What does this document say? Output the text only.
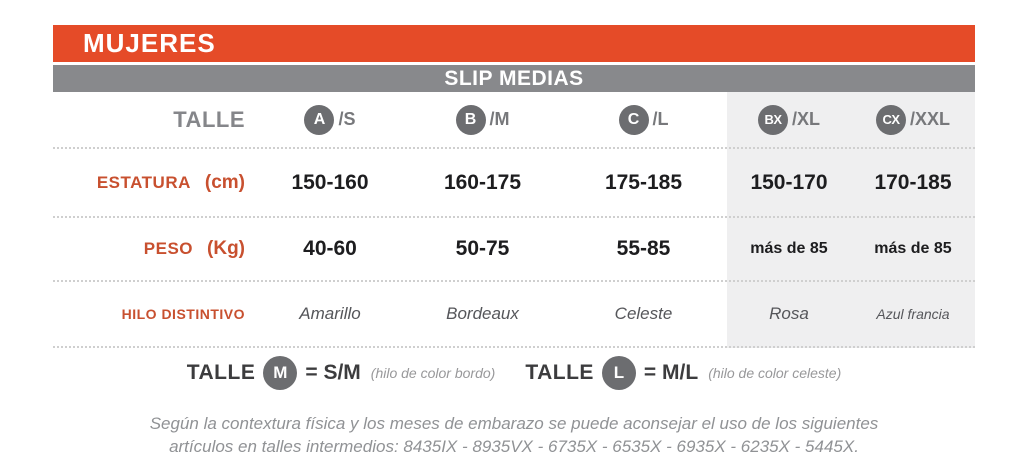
MUJERES
SLIP MEDIAS
TALLE	A /S	B /M	C /L	BX /XL	CX /XXL
ESTATURA (cm)	150-160	160-175	175-185	150-170	170-185
PESO (Kg)	40-60	50-75	55-85	más de 85	más de 85
HILO DISTINTIVO	Amarillo	Bordeaux	Celeste	Rosa	Azul francia
TALLE	M = S/M (hilo de color bordo) TALLE	L = M/L (hilo de color celeste)
Según la contextura física y los meses de embarazo se puede aconsejar el uso de los siguientes
artículos en talles intermedios: 8435IX - 8935VX - 6735X - 6535X - 6935X - 6235X - 5445X.
